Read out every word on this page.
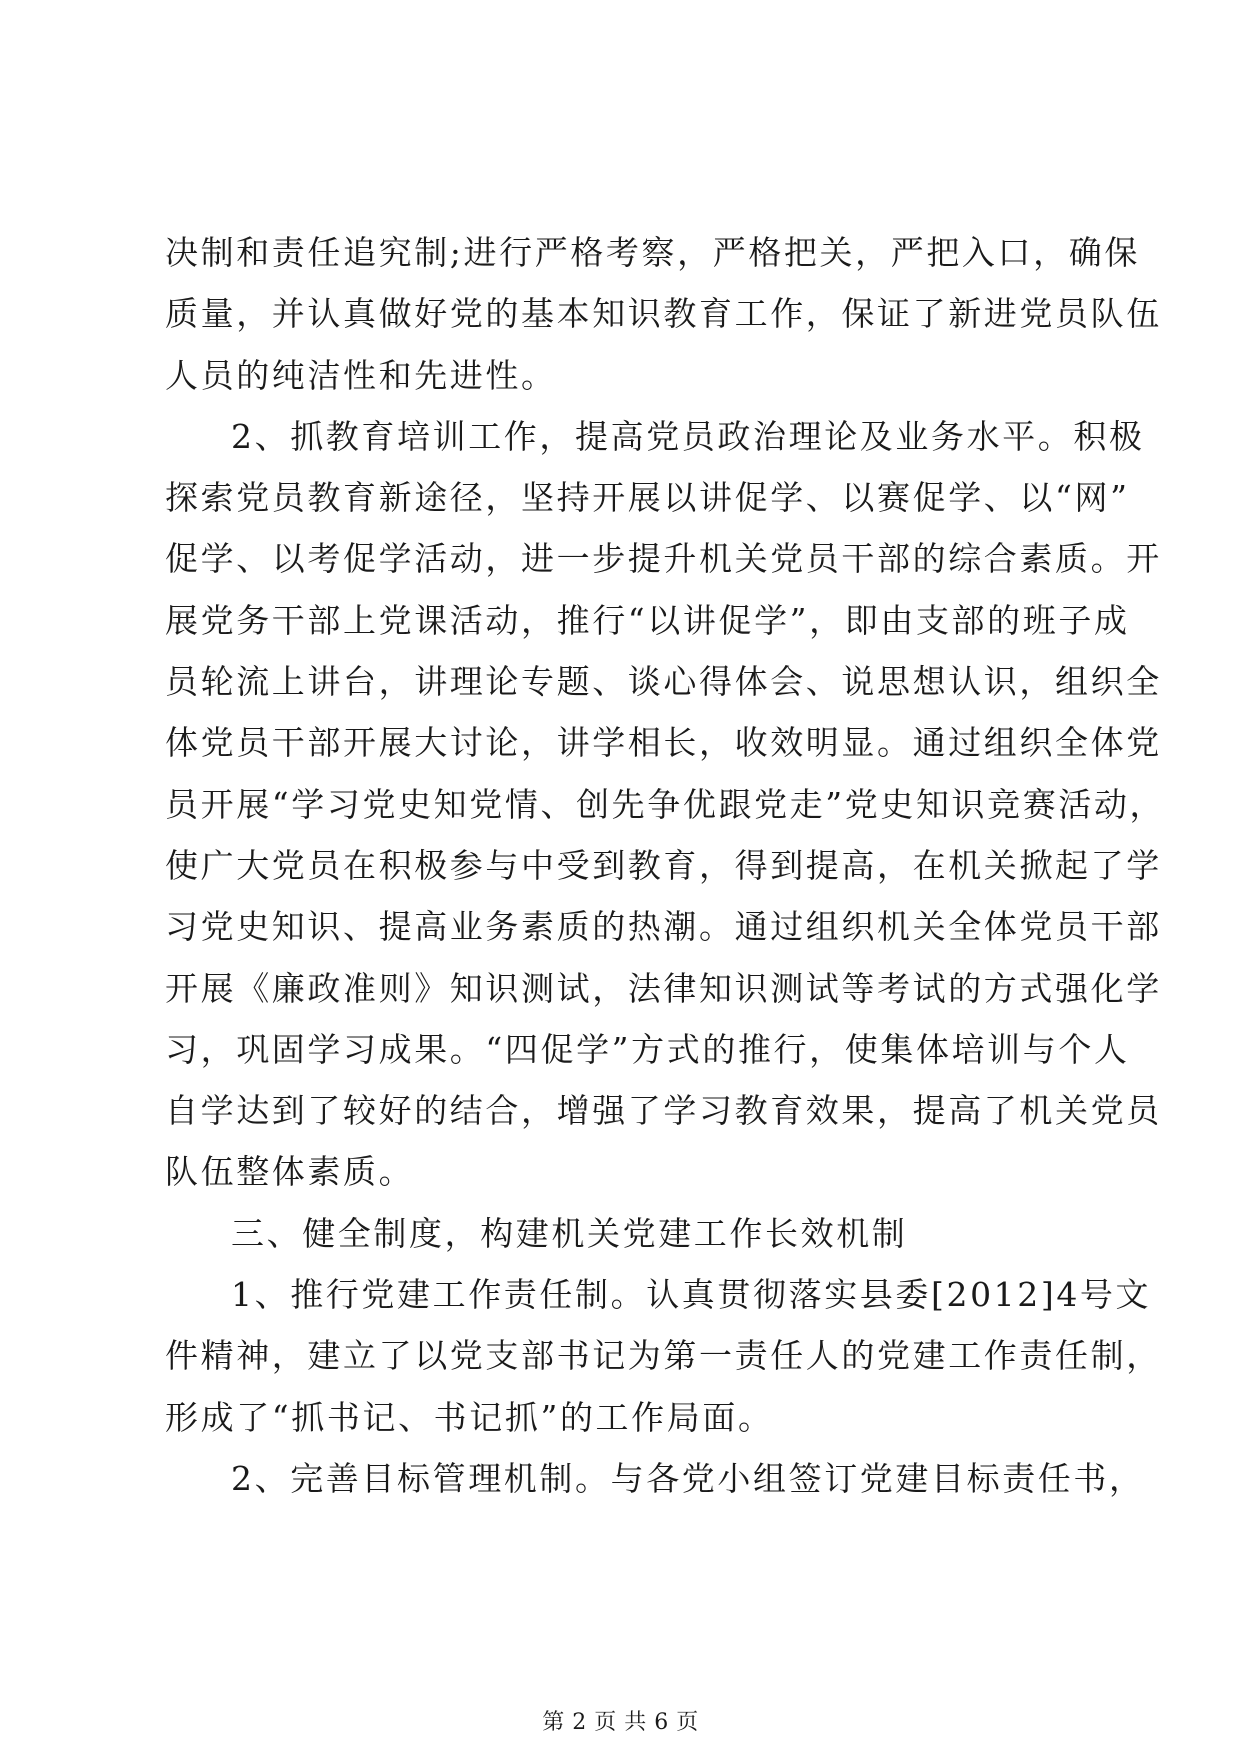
决制和责任追究制;进行严格考察，严格把关，严把入口，确保
质量，并认真做好党的基本知识教育工作，保证了新进党员队伍
人员的纯洁性和先进性。
2、抓教育培训工作，提高党员政治理论及业务水平。积极
探索党员教育新途径，坚持开展以讲促学、以赛促学、以“网”
促学、以考促学活动，进一步提升机关党员干部的综合素质。开
展党务干部上党课活动，推行“以讲促学”，即由支部的班子成
员轮流上讲台，讲理论专题、谈心得体会、说思想认识，组织全
体党员干部开展大讨论，讲学相长，收效明显。通过组织全体党
员开展“学习党史知党情、创先争优跟党走”党史知识竞赛活动，
使广大党员在积极参与中受到教育，得到提高，在机关掀起了学
习党史知识、提高业务素质的热潮。通过组织机关全体党员干部
开展《廉政准则》知识测试，法律知识测试等考试的方式强化学
习，巩固学习成果。“四促学”方式的推行，使集体培训与个人
自学达到了较好的结合，增强了学习教育效果，提高了机关党员
队伍整体素质。
三、健全制度，构建机关党建工作长效机制
1、推行党建工作责任制。认真贯彻落实县委[2012]4号文
件精神，建立了以党支部书记为第一责任人的党建工作责任制，
形成了“抓书记、书记抓”的工作局面。
2、完善目标管理机制。与各党小组签订党建目标责任书，
第 2 页 共 6 页
